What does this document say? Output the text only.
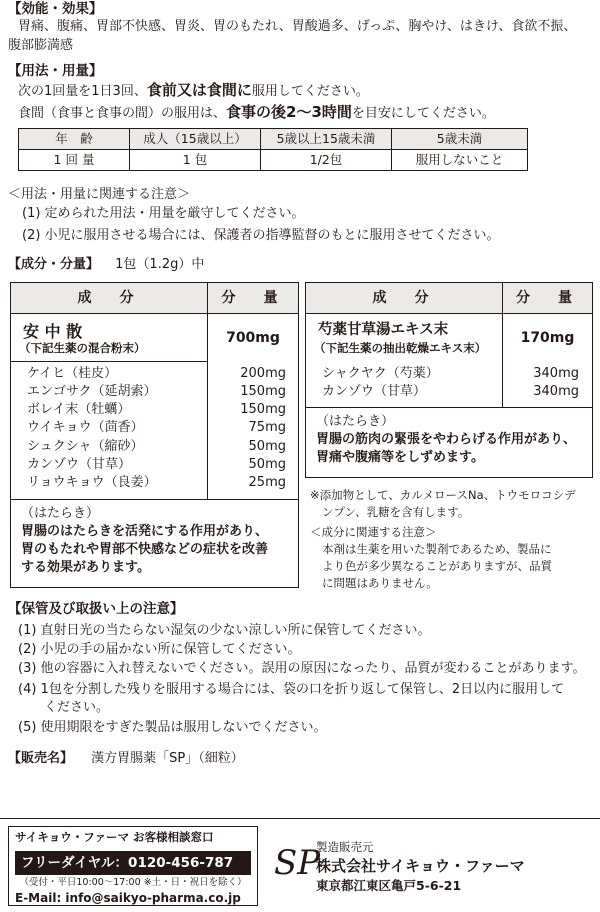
【効能・効果】
胃痛、腹痛、胃部不快感、胃炎、胃のもたれ、胃酸過多、げっぷ、胸やけ、はきけ、食欲不振、
腹部膨満感
【用法・用量】
次の1回量を1日3回、食前又は食間に服用してください。
食間（食事と食事の間）の服用は、食事の後2～3時間を目安にしてください。
年　齢	成人（15歳以上）	5歳以上15歳未満	5歳未満
1 回 量	1 包	1/2包	服用しないこと
＜用法・用量に関連する注意＞
(1) 定められた用法・用量を厳守してください。
(2) 小児に服用させる場合には、保護者の指導監督のもとに服用させてください。
【成分・分量】 1包（1.2g）中
成　分	分　量
安 中 散
（下記生薬の混合粉末）
700mg
ケイヒ（桂皮）	200mg
エンゴサク（延胡索）	150mg
ボレイ末（牡蠣）	150mg
ウイキョウ（茴香）	75mg
シュクシャ（縮砂）	50mg
カンゾウ（甘草）	50mg
リョウキョウ（良姜）	25mg
（はたらき）
胃腸のはたらきを活発にする作用があり、
胃のもたれや胃部不快感などの症状を改善
する効果があります。
成　分	分　量
芍薬甘草湯エキス末
（下記生薬の抽出乾燥エキス末）
170mg
シャクヤク（芍薬）	340mg
カンゾウ（甘草）	340mg
（はたらき）
胃腸の筋肉の緊張をやわらげる作用があり、
胃痛や腹痛等をしずめます。
※添加物として、カルメロースNa、トウモロコシデ
ンプン、乳糖を含有します。
＜成分に関連する注意＞
本剤は生薬を用いた製剤であるため、製品に
より色が多少異なることがありますが、品質
に問題はありません。
【保管及び取扱い上の注意】
(1) 直射日光の当たらない湿気の少ない涼しい所に保管してください。
(2) 小児の手の届かない所に保管してください。
(3) 他の容器に入れ替えないでください。誤用の原因になったり、品質が変わることがあります。
(4) 1包を分割した残りを服用する場合には、袋の口を折り返して保管し、2日以内に服用して
ください。
(5) 使用期限をすぎた製品は服用しないでください。
【販売名】 漢方胃腸薬「SP」（細粒）
サイキョウ・ファーマ お客様相談窓口
フリーダイヤル：0120-456-787
（受付・平日10:00～17:00 ※土・日・祝日を除く）
E-Mail: info@saikyo-pharma.co.jp
SP
製造販売元
株式会社サイキョウ・ファーマ
東京都江東区亀戸5-6-21
